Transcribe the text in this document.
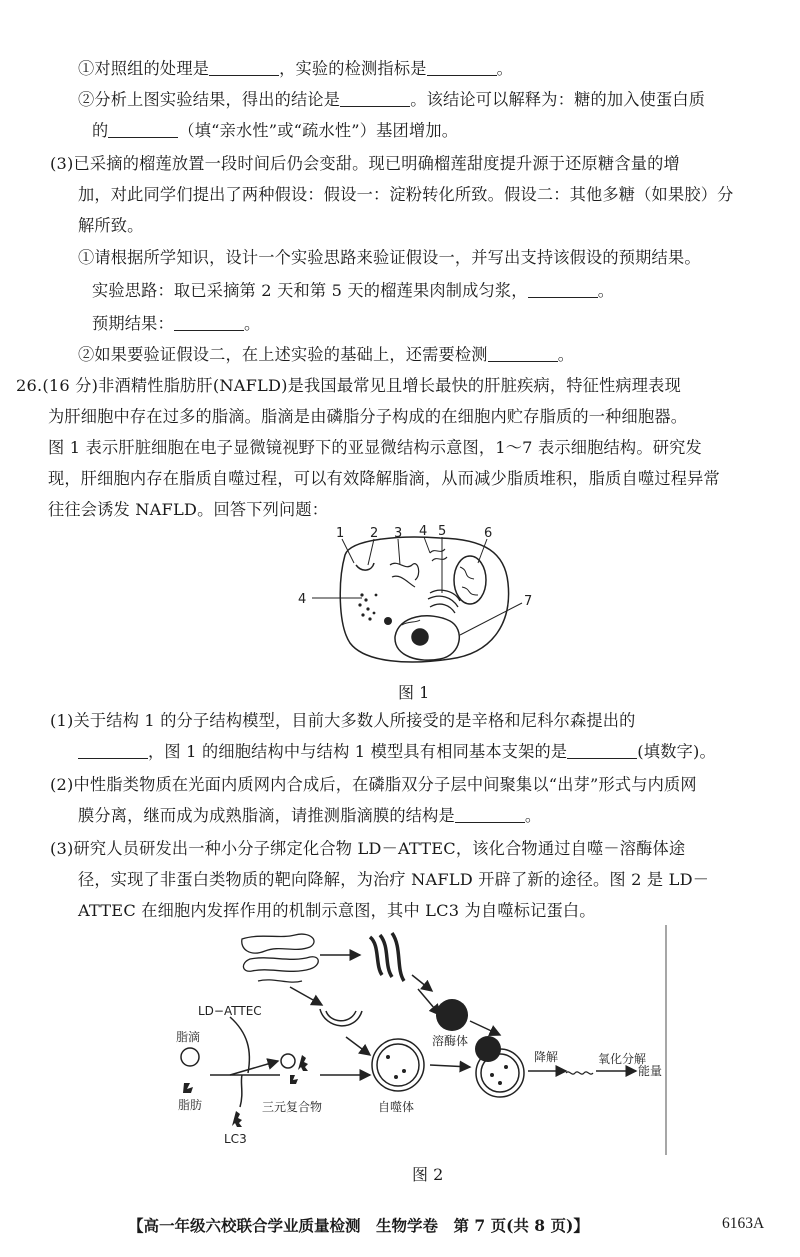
①对照组的处理是	，实验的检测指标是	。
②分析上图实验结果，得出的结论是	。该结论可以解释为：糖的加入使蛋白质
的	（填“亲水性”或“疏水性”）基团增加。
(3)已采摘的榴莲放置一段时间后仍会变甜。现已明确榴莲甜度提升源于还原糖含量的增
加，对此同学们提出了两种假设：假设一：淀粉转化所致。假设二：其他多糖（如果胶）分
解所致。
①请根据所学知识，设计一个实验思路来验证假设一，并写出支持该假设的预期结果。
实验思路：取已采摘第 2 天和第 5 天的榴莲果肉制成匀浆，	。
预期结果：	。
②如果要验证假设二，在上述实验的基础上，还需要检测	。
26.(16 分)非酒精性脂肪肝(NAFLD)是我国最常见且增长最快的肝脏疾病，特征性病理表现
为肝细胞中存在过多的脂滴。脂滴是由磷脂分子构成的在细胞内贮存脂质的一种细胞器。
图 1 表示肝脏细胞在电子显微镜视野下的亚显微结构示意图，1～7 表示细胞结构。研究发
现，肝细胞内存在脂质自噬过程，可以有效降解脂滴，从而减少脂质堆积，脂质自噬过程异常
往往会诱发 NAFLD。回答下列问题：
1 2 3 4 5	6
4	7
图 1
(1)关于结构 1 的分子结构模型，目前大多数人所接受的是辛格和尼科尔森提出的
，图 1 的细胞结构中与结构 1 模型具有相同基本支架的是	(填数字)。
(2)中性脂类物质在光面内质网内合成后，在磷脂双分子层中间聚集以“出芽”形式与内质网
膜分离，继而成为成熟脂滴，请推测脂滴膜的结构是	。
(3)研究人员研发出一种小分子绑定化合物 LD－ATTEC，该化合物通过自噬－溶酶体途
径，实现了非蛋白类物质的靶向降解，为治疗 NAFLD 开辟了新的途径。图 2 是 LD－
ATTEC 在细胞内发挥作用的机制示意图，其中 LC3 为自噬标记蛋白。
LD−ATTEC
脂滴
脂肪
LC3
三元复合物	自噬体
溶酶体
降解	氧化分解
能量
图 2
【高一年级六校联合学业质量检测　生物学卷　第 7 页(共 8 页)】	6163A
